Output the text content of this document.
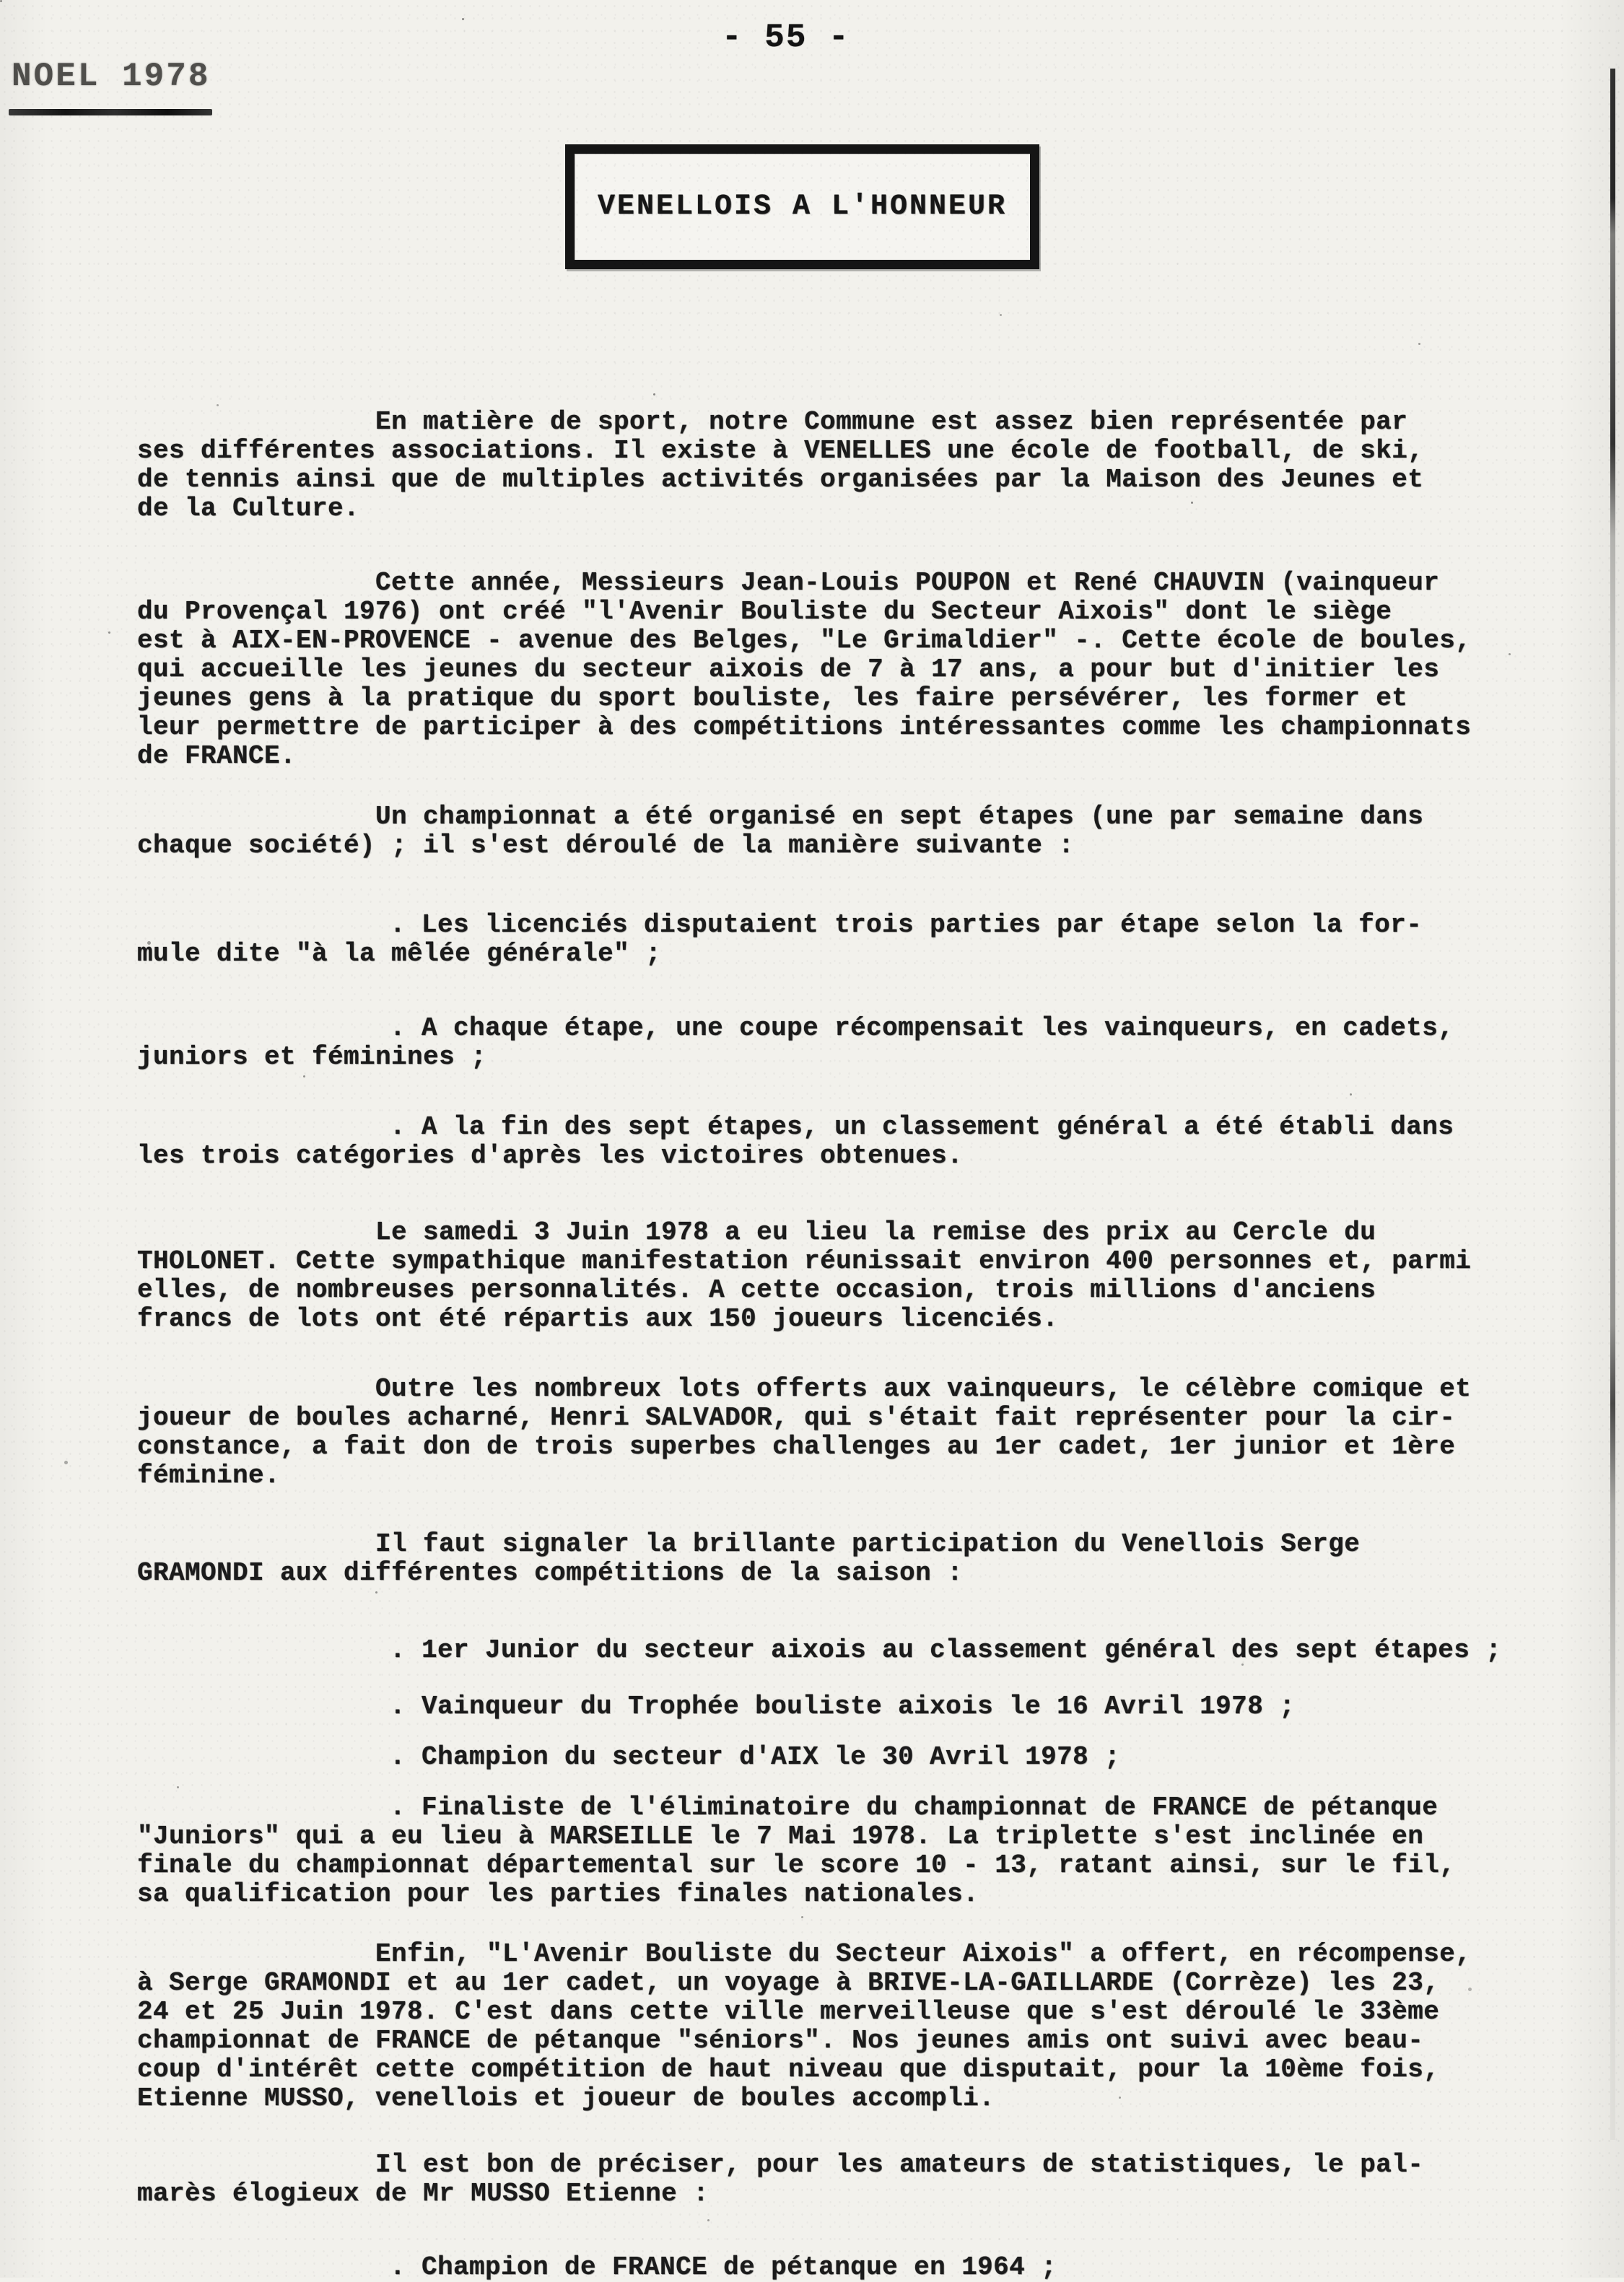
NOEL 1978
- 55 -
VENELLOIS A L'HONNEUR
En matière de sport, notre Commune est assez bien représentée par
ses différentes associations. Il existe à VENELLES une école de football, de ski,
de tennis ainsi que de multiples activités organisées par la Maison des Jeunes et
de la Culture.
Cette année, Messieurs Jean-Louis POUPON et René CHAUVIN (vainqueur
du Provençal 1976) ont créé "l'Avenir Bouliste du Secteur Aixois" dont le siège
est à AIX-EN-PROVENCE - avenue des Belges, "Le Grimaldier" -. Cette école de boules,
qui accueille les jeunes du secteur aixois de 7 à 17 ans, a pour but d'initier les
jeunes gens à la pratique du sport bouliste, les faire persévérer, les former et
leur permettre de participer à des compétitions intéressantes comme les championnats
de FRANCE.
Un championnat a été organisé en sept étapes (une par semaine dans
chaque société) ; il s'est déroulé de la manière suivante :
. Les licenciés disputaient trois parties par étape selon la for-
mule dite "à la mêlée générale" ;
. A chaque étape, une coupe récompensait les vainqueurs, en cadets,
juniors et féminines ;
. A la fin des sept étapes, un classement général a été établi dans
les trois catégories d'après les victoires obtenues.
Le samedi 3 Juin 1978 a eu lieu la remise des prix au Cercle du
THOLONET. Cette sympathique manifestation réunissait environ 400 personnes et, parmi
elles, de nombreuses personnalités. A cette occasion, trois millions d'anciens
francs de lots ont été répartis aux 150 joueurs licenciés.
Outre les nombreux lots offerts aux vainqueurs, le célèbre comique et
joueur de boules acharné, Henri SALVADOR, qui s'était fait représenter pour la cir-
constance, a fait don de trois superbes challenges au 1er cadet, 1er junior et 1ère
féminine.
Il faut signaler la brillante participation du Venellois Serge
GRAMONDI aux différentes compétitions de la saison :
. 1er Junior du secteur aixois au classement général des sept étapes ;
. Vainqueur du Trophée bouliste aixois le 16 Avril 1978 ;
. Champion du secteur d'AIX le 30 Avril 1978 ;
. Finaliste de l'éliminatoire du championnat de FRANCE de pétanque
"Juniors" qui a eu lieu à MARSEILLE le 7 Mai 1978. La triplette s'est inclinée en
finale du championnat départemental sur le score 10 - 13, ratant ainsi, sur le fil,
sa qualification pour les parties finales nationales.
Enfin, "L'Avenir Bouliste du Secteur Aixois" a offert, en récompense,
à Serge GRAMONDI et au 1er cadet, un voyage à BRIVE-LA-GAILLARDE (Corrèze) les 23,
24 et 25 Juin 1978. C'est dans cette ville merveilleuse que s'est déroulé le 33ème
championnat de FRANCE de pétanque "séniors". Nos jeunes amis ont suivi avec beau-
coup d'intérêt cette compétition de haut niveau que disputait, pour la 10ème fois,
Etienne MUSSO, venellois et joueur de boules accompli.
Il est bon de préciser, pour les amateurs de statistiques, le pal-
marès élogieux de Mr MUSSO Etienne :
. Champion de FRANCE de pétanque en 1964 ;
